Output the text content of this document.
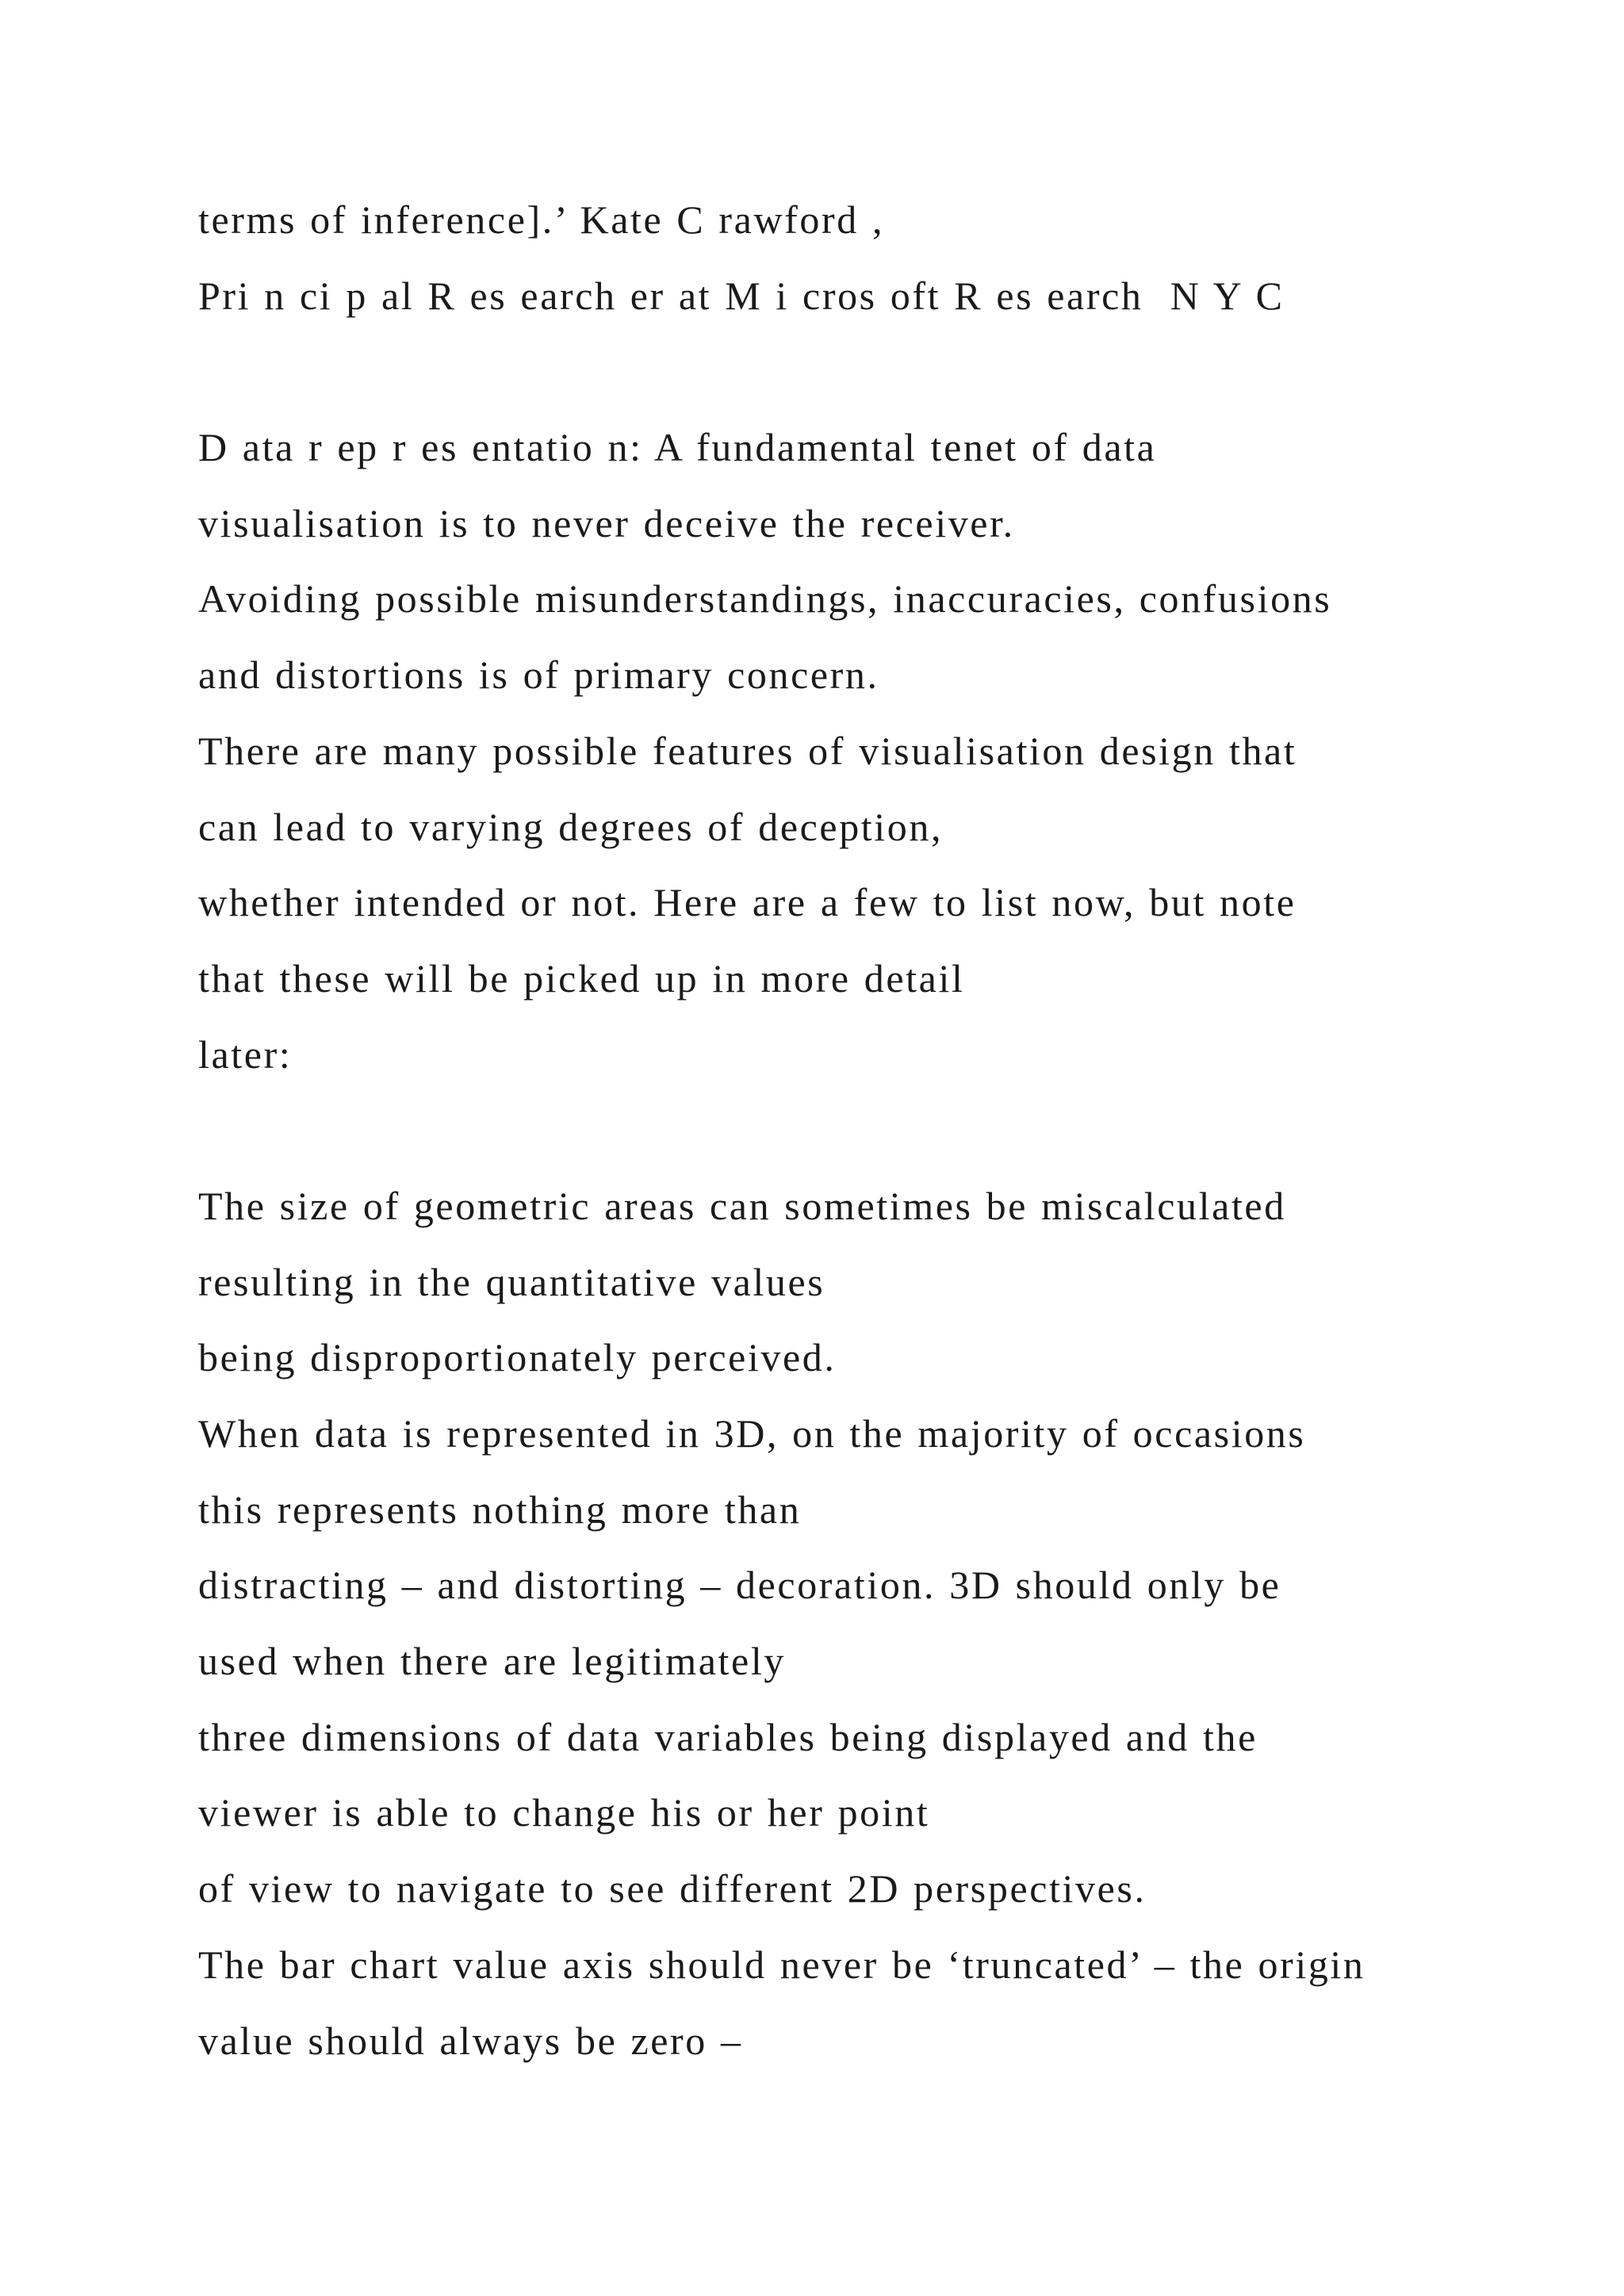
terms of inference].’ Kate C rawford ,
Pri n ci p al R es earch er at M i cros oft R es earch  N Y C
D ata r ep r es entatio n: A fundamental tenet of data
visualisation is to never deceive the receiver.
Avoiding possible misunderstandings, inaccuracies, confusions
and distortions is of primary concern.
There are many possible features of visualisation design that
can lead to varying degrees of deception,
whether intended or not. Here are a few to list now, but note
that these will be picked up in more detail
later:
The size of geometric areas can sometimes be miscalculated
resulting in the quantitative values
being disproportionately perceived.
When data is represented in 3D, on the majority of occasions
this represents nothing more than
distracting – and distorting – decoration. 3D should only be
used when there are legitimately
three dimensions of data variables being displayed and the
viewer is able to change his or her point
of view to navigate to see different 2D perspectives.
The bar chart value axis should never be ‘truncated’ – the origin
value should always be zero –
